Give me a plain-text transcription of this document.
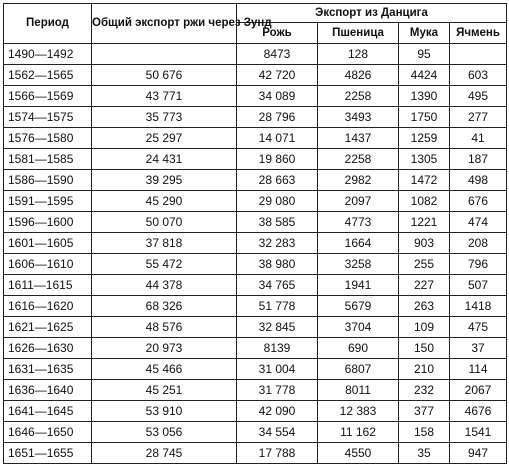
Период	Общий экспорт ржи через Зунд	Экспорт из Данцига			
		Рожь	Пшеница	Мука	Ячмень
1490—1492		8473	128	95	
1562—1565	50 676	42 720	4826	4424	603
1566—1569	43 771	34 089	2258	1390	495
1574—1575	35 773	28 796	3493	1750	277
1576—1580	25 297	14 071	1437	1259	41
1581—1585	24 431	19 860	2258	1305	187
1586—1590	39 295	28 663	2982	1472	498
1591—1595	45 290	29 080	2097	1082	676
1596—1600	50 070	38 585	4773	1221	474
1601—1605	37 818	32 283	1664	903	208
1606—1610	55 472	38 980	3258	255	796
1611—1615	44 378	34 765	1941	227	507
1616—1620	68 326	51 778	5679	263	1418
1621—1625	48 576	32 845	3704	109	475
1626—1630	20 973	8139	690	150	37
1631—1635	45 466	31 004	6807	210	114
1636—1640	45 251	31 778	8011	232	2067
1641—1645	53 910	42 090	12 383	377	4676
1646—1650	53 056	34 554	11 162	158	1541
1651—1655	28 745	17 788	4550	35	947
